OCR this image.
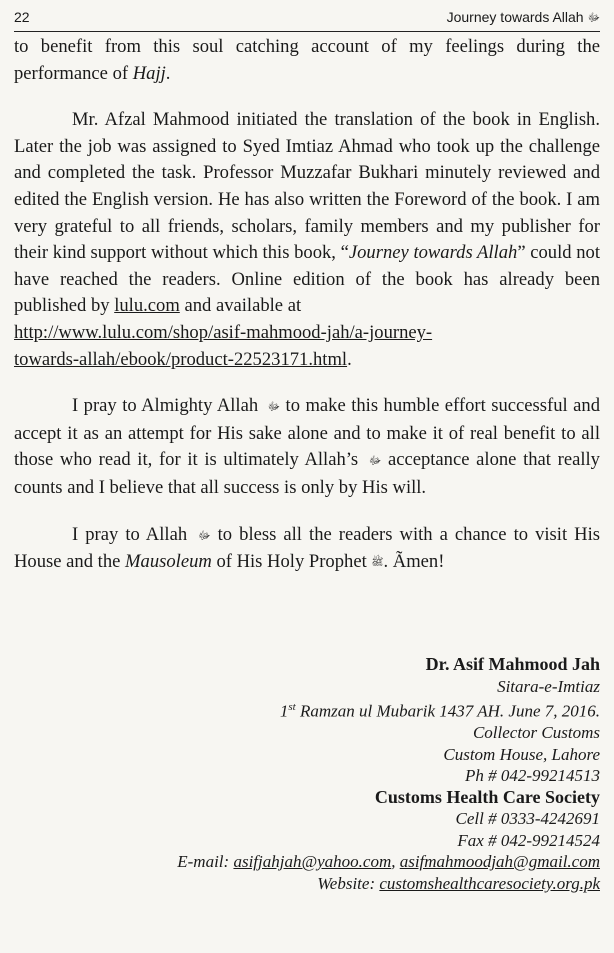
22	Journey towards Allah ﷻ

to benefit from this soul catching account of my feelings during the

performance of Hajj.

Mr. Afzal Mahmood initiated the translation of the book in English. Later the job was assigned to Syed Imtiaz Ahmad who took up the challenge and completed the task. Professor Muzzafar Bukhari minutely reviewed and edited the English version. He has also written the Foreword of the book. I am very grateful to all friends, scholars, family members and my publisher for their kind support without which this book, “Journey towards Allah” could not have reached the readers. Online edition of the book has already been published by lulu.com and available at

http://www.lulu.com/shop/asif-mahmood-jah/a-journey-

towards-allah/ebook/product-22523171.html.

I pray to Almighty Allah ﷻ to make this humble effort successful and accept it as an attempt for His sake alone and to make it of real benefit to all those who read it, for it is ultimately Allah’s ﷻ acceptance alone that really counts and I believe that all success is only by His will.

I pray to Allah ﷻ to bless all the readers with a chance to visit His House and the Mausoleum of His Holy Prophet ﷺ. Ãmen!

Dr. Asif Mahmood Jah
Sitara-e-Imtiaz
1st Ramzan ul Mubarik 1437 AH. June 7, 2016.
Collector Customs
Custom House, Lahore
Ph # 042-99214513
Customs Health Care Society
Cell # 0333-4242691
Fax # 042-99214524
E-mail: asifjahjah@yahoo.com, asifmahmoodjah@gmail.com
Website: customshealthcaresociety.org.pk
